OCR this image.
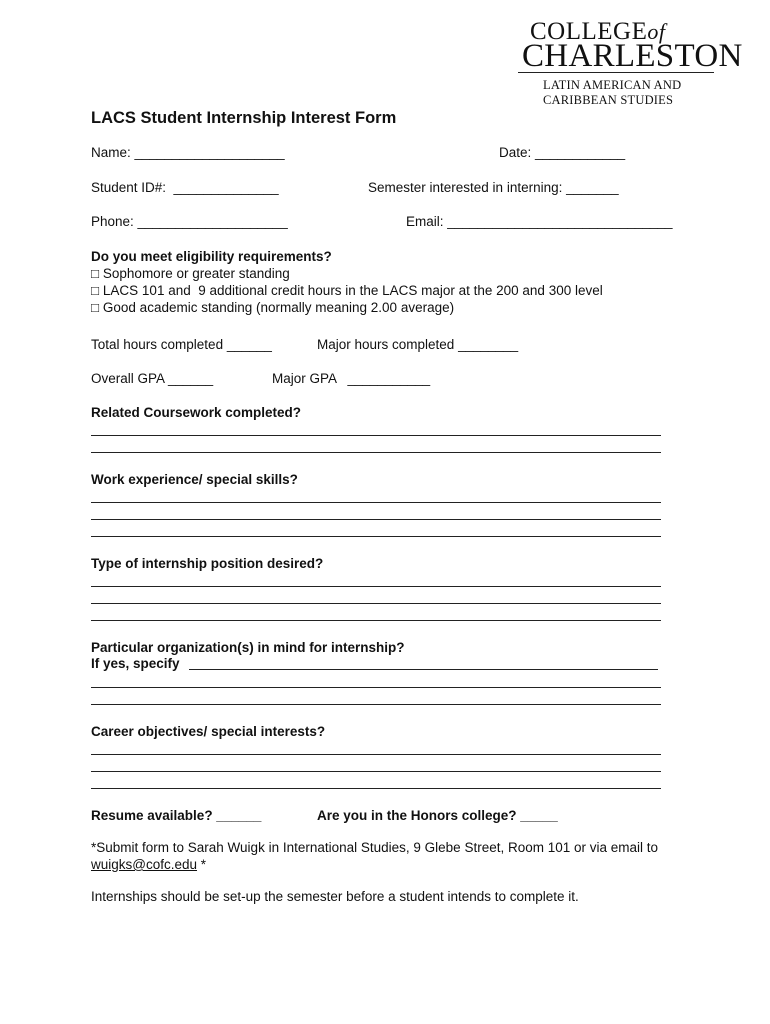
COLLEGEof
CHARLESTON
LATIN AMERICAN AND
CARIBBEAN STUDIES
LACS Student Internship Interest Form
Name: ____________________	Date: ____________
Student ID#:  ______________	Semester interested in interning: _______
Phone: ____________________	Email: ______________________________
Do you meet eligibility requirements?
□ Sophomore or greater standing
□ LACS 101 and  9 additional credit hours in the LACS major at the 200 and 300 level
□ Good academic standing (normally meaning 2.00 average)
Total hours completed ______	Major hours completed ________
Overall GPA ______	Major GPA   ___________
Related Coursework completed?
Work experience/ special skills?
Type of internship position desired?
Particular organization(s) in mind for internship?
If yes, specify
Career objectives/ special interests?
Resume available? ______	Are you in the Honors college? _____
*Submit form to Sarah Wuigk in International Studies, 9 Glebe Street, Room 101 or via email to
wuigks@cofc.edu *
Internships should be set-up the semester before a student intends to complete it.
